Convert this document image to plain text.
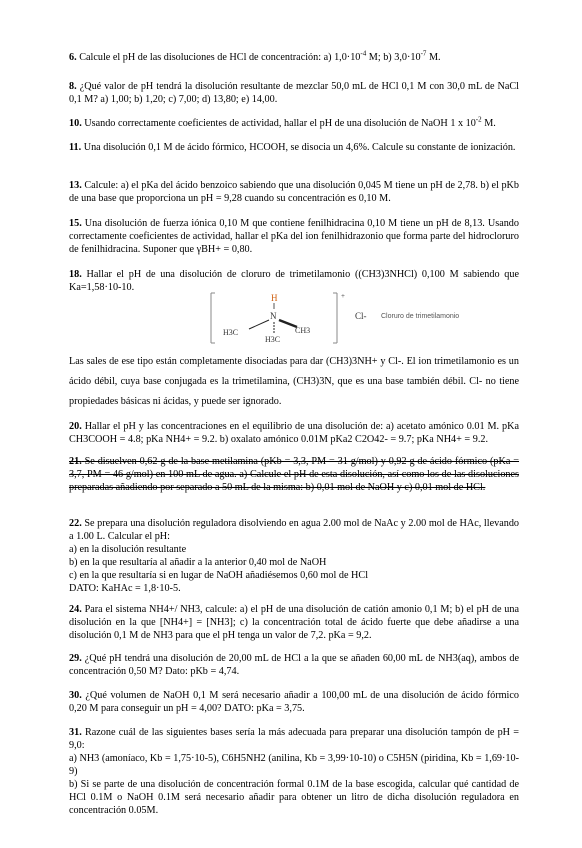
6. Calcule el pH de las disoluciones de HCl de concentración: a) $1,0\cdot 10^{-4}$ M; b) $3,0\cdot 10^{-7}$ M.

8. ¿Qué valor de pH tendrá la disolución resultante de mezclar 50,0 mL de HCl 0,1 M con 30,0 mL de NaCl 0,1 M? a) 1,00; b) 1,20; c) 7,00; d) 13,80; e) 14,00.

10. Usando correctamente coeficientes de actividad, hallar el pH de una disolución de NaOH 1 x $10^{-2}$ M.

11. Una disolución 0,1 M de ácido fórmico, HCOOH, se disocia un 4,6%. Calcule su constante de ionización.

13. Calcule: a) el pKa del ácido benzoico sabiendo que una disolución 0,045 M tiene un pH de 2,78. b) el pKb de una base que proporciona un pH = 9,28 cuando su concentración es 0,10 M.

15. Una disolución de fuerza iónica 0,10 M que contiene fenilhidracina 0,10 M tiene un pH de 8,13. Usando correctamente coeficientes de actividad, hallar el pKa del ion fenilhidrazonio que forma parte del hidrocloruro de fenilhidracina. Suponer que γBH+ = 0,80.

18. Hallar el pH de una disolución de cloruro de trimetilamonio ((CH3)3NHCl) 0,100 M sabiendo que Ka=1,58·10-10.

Las sales de ese tipo están completamente disociadas para dar (CH3)3NH+ y Cl-. El ion trimetilamonio es un ácido débil, cuya base conjugada es la trimetilamina, (CH3)3N, que es una base también débil. Cl- no tiene propiedades básicas ni ácidas, y puede ser ignorado.

20. Hallar el pH y las concentraciones en el equilibrio de una disolución de: a) acetato amónico 0.01 M. pKa CH3COOH = 4.8; pKa NH4+ = 9.2. b) oxalato amónico 0.01M pKa2 C2O42- = 9.7; pKa NH4+ = 9.2.

21. Se disuelven 0,62 g de la base metilamina (pKb = 3,3, PM = 31 g/mol) y 0,92 g de ácido fórmico (pKa = 3,7, PM = 46 g/mol) en 100 mL de agua. a) Calcule el pH de esta disolución, así como los de las disoluciones preparadas añadiendo por separado a 50 mL de la misma: b) 0,01 mol de NaOH y c) 0,01 mol de HCl.

22. Se prepara una disolución reguladora disolviendo en agua 2.00 mol de NaAc y 2.00 mol de HAc, llevando a 1.00 L. Calcular el pH:
a) en la disolución resultante
b) en la que resultaría al añadir a la anterior 0,40 mol de NaOH
c) en la que resultaría si en lugar de NaOH añadiésemos 0,60 mol de HCl
DATO: KaHAc = 1,8·10-5.

24. Para el sistema NH4+/ NH3, calcule: a) el pH de una disolución de catión amonio 0,1 M; b) el pH de una disolución en la que [NH4+] = [NH3]; c) la concentración total de ácido fuerte que debe añadirse a una disolución 0,1 M de NH3 para que el pH tenga un valor de 7,2. pKa = 9,2.

29. ¿Qué pH tendrá una disolución de 20,00 mL de HCl a la que se añaden 60,00 mL de NH3(aq), ambos de concentración 0,50 M? Dato: pKb = 4,74.

30. ¿Qué volumen de NaOH 0,1 M será necesario añadir a 100,00 mL de una disolución de ácido fórmico 0,20 M para conseguir un pH = 4,00? DATO: pKa = 3,75.

31. Razone cuál de las siguientes bases sería la más adecuada para preparar una disolución tampón de pH = 9,0:
a) NH3 (amoníaco, Kb = 1,75·10-5), C6H5NH2 (anilina, Kb = 3,99·10-10) o C5H5N (piridina, Kb = 1,69·10-9)
b) Si se parte de una disolución de concentración formal 0.1M de la base escogida, calcular qué cantidad de HCl 0.1M o NaOH 0.1M será necesario añadir para obtener un litro de dicha disolución reguladora en concentración 0.05M.

+
H
N
H3C	CH3
H3C
Cl- Cloruro de trimetilamonio
